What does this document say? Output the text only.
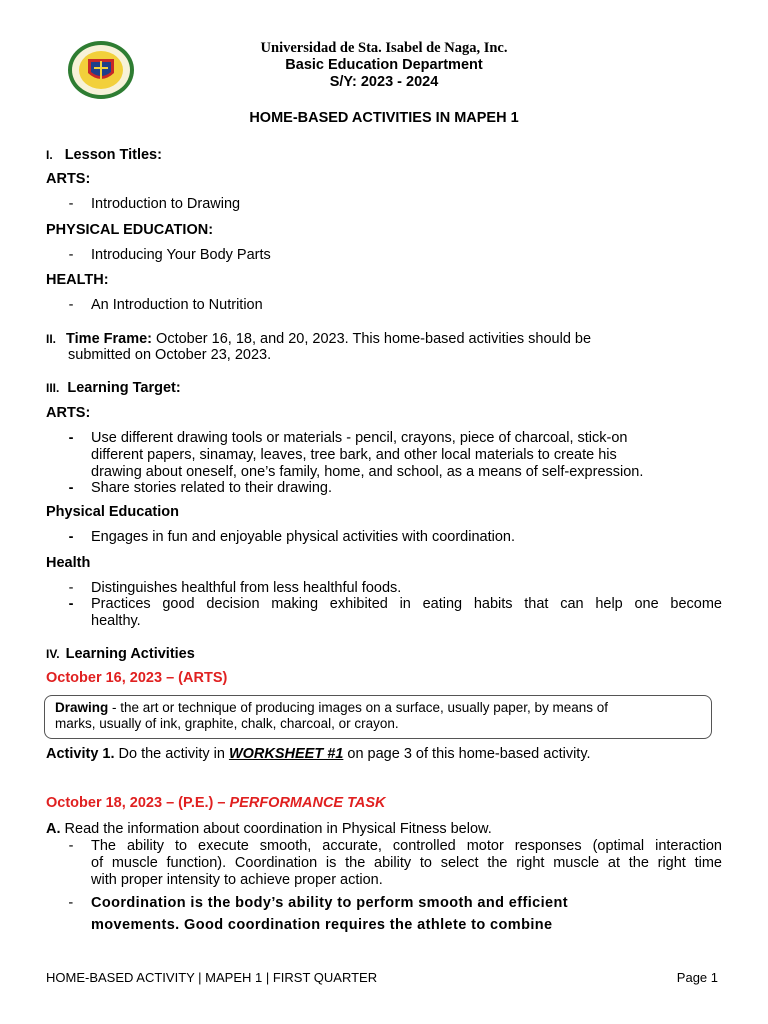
Universidad de Sta. Isabel de Naga, Inc.
Basic Education Department
S/Y: 2023 - 2024
HOME-BASED ACTIVITIES IN MAPEH 1
I. Lesson Titles:
ARTS:
-	Introduction to Drawing
PHYSICAL EDUCATION:
-	Introducing Your Body Parts
HEALTH:
-	An Introduction to Nutrition
II. Time Frame: October 16, 18, and 20, 2023. This home-based activities should be
submitted on October 23, 2023.
III. Learning Target:
ARTS:
-	Use different drawing tools or materials - pencil, crayons, piece of charcoal, stick-on
different papers, sinamay, leaves, tree bark, and other local materials to create his
drawing about oneself, one’s family, home, and school, as a means of self-expression.
-	Share stories related to their drawing.
Physical Education
-	Engages in fun and enjoyable physical activities with coordination.
Health
-	Distinguishes healthful from less healthful foods.
-	Practices good decision making exhibited in eating habits that can help one become
healthy.
IV. Learning Activities
October 16, 2023 – (ARTS)
Drawing - the art or technique of producing images on a surface, usually paper, by means of
marks, usually of ink, graphite, chalk, charcoal, or crayon.
Activity 1. Do the activity in WORKSHEET #1 on page 3 of this home-based activity.
October 18, 2023 – (P.E.) – PERFORMANCE TASK
A. Read the information about coordination in Physical Fitness below.
-	The ability to execute smooth, accurate, controlled motor responses (optimal interaction
of muscle function). Coordination is the ability to select the right muscle at the right time
with proper intensity to achieve proper action.
-	Coordination is the body’s ability to perform smooth and efficient
movements. Good coordination requires the athlete to combine
HOME-BASED ACTIVITY | MAPEH 1 | FIRST QUARTER	Page 1
